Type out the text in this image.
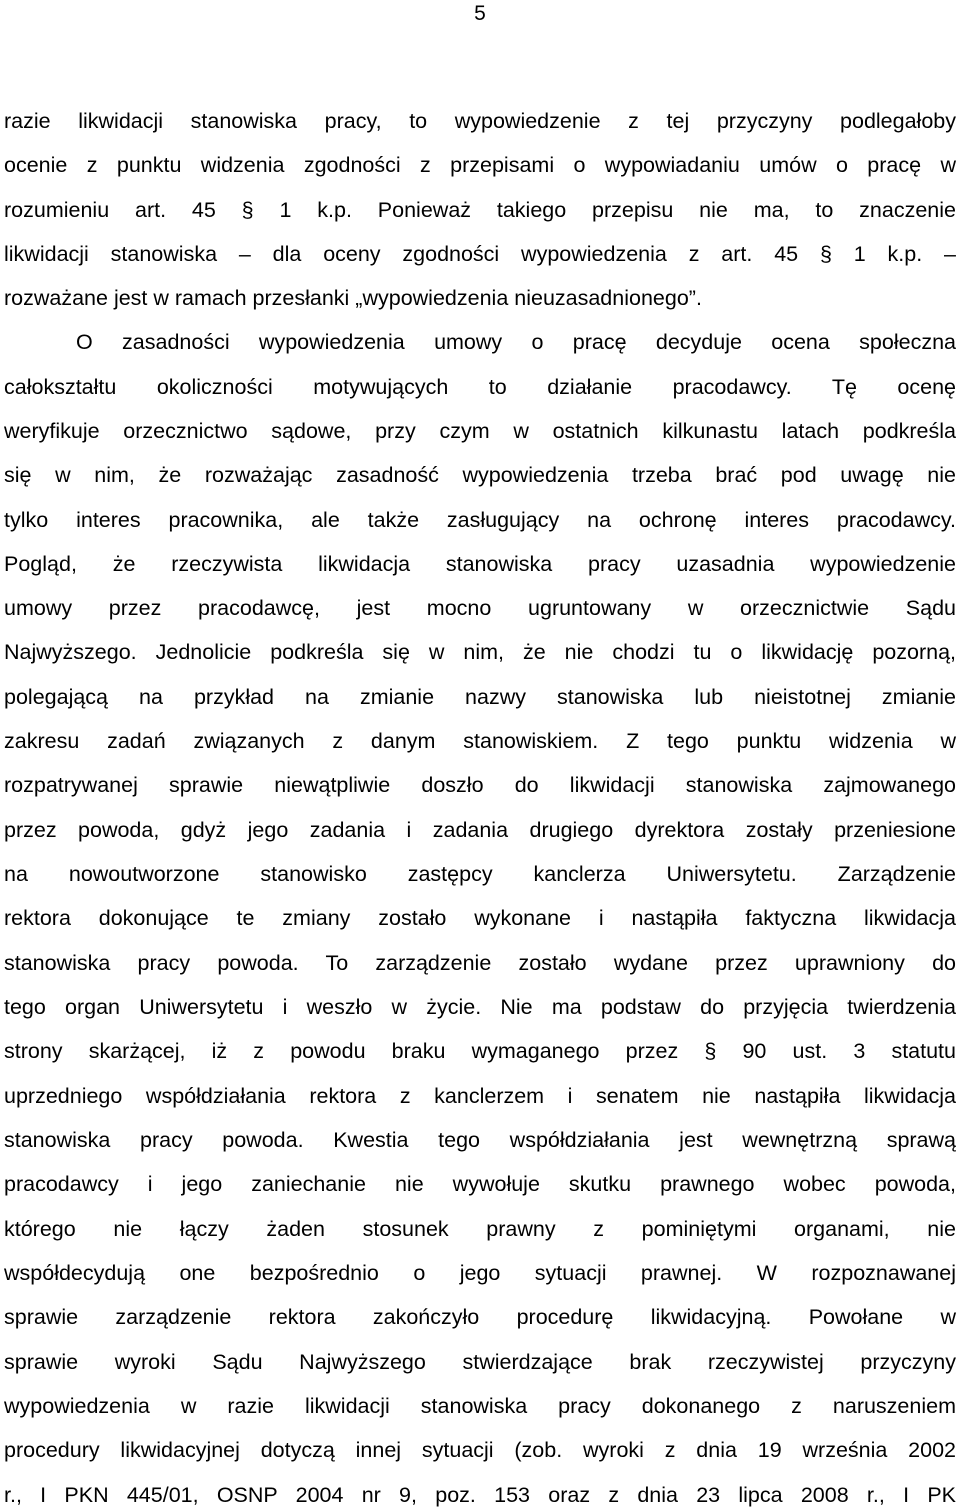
5
razie likwidacji stanowiska pracy, to wypowiedzenie z tej przyczyny podlegałoby
ocenie z punktu widzenia zgodności z przepisami o wypowiadaniu umów o pracę w
rozumieniu art. 45 § 1 k.p. Ponieważ takiego przepisu nie ma, to znaczenie
likwidacji stanowiska – dla oceny zgodności wypowiedzenia z art. 45 § 1 k.p. –
rozważane jest w ramach przesłanki „wypowiedzenia nieuzasadnionego”.
O zasadności wypowiedzenia umowy o pracę decyduje ocena społeczna
całokształtu okoliczności motywujących to działanie pracodawcy. Tę ocenę
weryfikuje orzecznictwo sądowe, przy czym w ostatnich kilkunastu latach podkreśla
się w nim, że rozważając zasadność wypowiedzenia trzeba brać pod uwagę nie
tylko interes pracownika, ale także zasługujący na ochronę interes pracodawcy.
Pogląd, że rzeczywista likwidacja stanowiska pracy uzasadnia wypowiedzenie
umowy przez pracodawcę, jest mocno ugruntowany w orzecznictwie Sądu
Najwyższego. Jednolicie podkreśla się w nim, że nie chodzi tu o likwidację pozorną,
polegającą na przykład na zmianie nazwy stanowiska lub nieistotnej zmianie
zakresu zadań związanych z danym stanowiskiem. Z tego punktu widzenia w
rozpatrywanej sprawie niewątpliwie doszło do likwidacji stanowiska zajmowanego
przez powoda, gdyż jego zadania i zadania drugiego dyrektora zostały przeniesione
na nowoutworzone stanowisko zastępcy kanclerza Uniwersytetu. Zarządzenie
rektora dokonujące te zmiany zostało wykonane i nastąpiła faktyczna likwidacja
stanowiska pracy powoda. To zarządzenie zostało wydane przez uprawniony do
tego organ Uniwersytetu i weszło w życie. Nie ma podstaw do przyjęcia twierdzenia
strony skarżącej, iż z powodu braku wymaganego przez § 90 ust. 3 statutu
uprzedniego współdziałania rektora z kanclerzem i senatem nie nastąpiła likwidacja
stanowiska pracy powoda. Kwestia tego współdziałania jest wewnętrzną sprawą
pracodawcy i jego zaniechanie nie wywołuje skutku prawnego wobec powoda,
którego nie łączy żaden stosunek prawny z pominiętymi organami, nie
współdecydują one bezpośrednio o jego sytuacji prawnej. W rozpoznawanej
sprawie zarządzenie rektora zakończyło procedurę likwidacyjną. Powołane w
sprawie wyroki Sądu Najwyższego stwierdzające brak rzeczywistej przyczyny
wypowiedzenia w razie likwidacji stanowiska pracy dokonanego z naruszeniem
procedury likwidacyjnej dotyczą innej sytuacji (zob. wyroki z dnia 19 września 2002
r., I PKN 445/01, OSNP 2004 nr 9, poz. 153 oraz z dnia 23 lipca 2008 r., I PK
